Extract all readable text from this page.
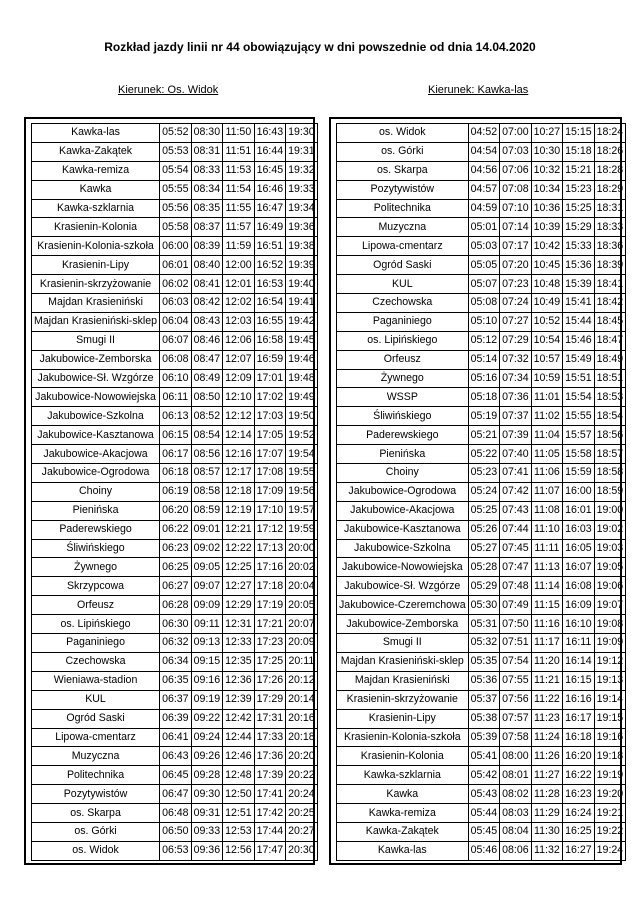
Rozkład jazdy linii nr 44 obowiązujący w dni powszednie od dnia 14.04.2020
Kierunek: Os. Widok	Kierunek: Kawka-las
Kawka-las	05:52	08:30	11:50	16:43	19:30
Kawka-Zakątek	05:53	08:31	11:51	16:44	19:31
Kawka-remiza	05:54	08:33	11:53	16:45	19:32
Kawka	05:55	08:34	11:54	16:46	19:33
Kawka-szklarnia	05:56	08:35	11:55	16:47	19:34
Krasienin-Kolonia	05:58	08:37	11:57	16:49	19:36
Krasienin-Kolonia-szkoła	06:00	08:39	11:59	16:51	19:38
Krasienin-Lipy	06:01	08:40	12:00	16:52	19:39
Krasienin-skrzyżowanie	06:02	08:41	12:01	16:53	19:40
Majdan Krasieniński	06:03	08:42	12:02	16:54	19:41
Majdan Krasieniński-sklep	06:04	08:43	12:03	16:55	19:42
Smugi II	06:07	08:46	12:06	16:58	19:45
Jakubowice-Zemborska	06:08	08:47	12:07	16:59	19:46
Jakubowice-Sł. Wzgórze	06:10	08:49	12:09	17:01	19:48
Jakubowice-Nowowiejska	06:11	08:50	12:10	17:02	19:49
Jakubowice-Szkolna	06:13	08:52	12:12	17:03	19:50
Jakubowice-Kasztanowa	06:15	08:54	12:14	17:05	19:52
Jakubowice-Akacjowa	06:17	08:56	12:16	17:07	19:54
Jakubowice-Ogrodowa	06:18	08:57	12:17	17:08	19:55
Choiny	06:19	08:58	12:18	17:09	19:56
Pienińska	06:20	08:59	12:19	17:10	19:57
Paderewskiego	06:22	09:01	12:21	17:12	19:59
Śliwińskiego	06:23	09:02	12:22	17:13	20:00
Żywnego	06:25	09:05	12:25	17:16	20:02
Skrzypcowa	06:27	09:07	12:27	17:18	20:04
Orfeusz	06:28	09:09	12:29	17:19	20:05
os. Lipińskiego	06:30	09:11	12:31	17:21	20:07
Paganiniego	06:32	09:13	12:33	17:23	20:09
Czechowska	06:34	09:15	12:35	17:25	20:11
Wieniawa-stadion	06:35	09:16	12:36	17:26	20:12
KUL	06:37	09:19	12:39	17:29	20:14
Ogród Saski	06:39	09:22	12:42	17:31	20:16
Lipowa-cmentarz	06:41	09:24	12:44	17:33	20:18
Muzyczna	06:43	09:26	12:46	17:36	20:20
Politechnika	06:45	09:28	12:48	17:39	20:22
Pozytywistów	06:47	09:30	12:50	17:41	20:24
os. Skarpa	06:48	09:31	12:51	17:42	20:25
os. Górki	06:50	09:33	12:53	17:44	20:27
os. Widok	06:53	09:36	12:56	17:47	20:30
os. Widok	04:52	07:00	10:27	15:15	18:24
os. Górki	04:54	07:03	10:30	15:18	18:26
os. Skarpa	04:56	07:06	10:32	15:21	18:28
Pozytywistów	04:57	07:08	10:34	15:23	18:29
Politechnika	04:59	07:10	10:36	15:25	18:31
Muzyczna	05:01	07:14	10:39	15:29	18:33
Lipowa-cmentarz	05:03	07:17	10:42	15:33	18:36
Ogród Saski	05:05	07:20	10:45	15:36	18:39
KUL	05:07	07:23	10:48	15:39	18:41
Czechowska	05:08	07:24	10:49	15:41	18:42
Paganiniego	05:10	07:27	10:52	15:44	18:45
os. Lipińskiego	05:12	07:29	10:54	15:46	18:47
Orfeusz	05:14	07:32	10:57	15:49	18:49
Żywnego	05:16	07:34	10:59	15:51	18:51
WSSP	05:18	07:36	11:01	15:54	18:53
Śliwińskiego	05:19	07:37	11:02	15:55	18:54
Paderewskiego	05:21	07:39	11:04	15:57	18:56
Pienińska	05:22	07:40	11:05	15:58	18:57
Choiny	05:23	07:41	11:06	15:59	18:58
Jakubowice-Ogrodowa	05:24	07:42	11:07	16:00	18:59
Jakubowice-Akacjowa	05:25	07:43	11:08	16:01	19:00
Jakubowice-Kasztanowa	05:26	07:44	11:10	16:03	19:02
Jakubowice-Szkolna	05:27	07:45	11:11	16:05	19:03
Jakubowice-Nowowiejska	05:28	07:47	11:13	16:07	19:05
Jakubowice-Sł. Wzgórze	05:29	07:48	11:14	16:08	19:06
Jakubowice-Czeremchowa	05:30	07:49	11:15	16:09	19:07
Jakubowice-Zemborska	05:31	07:50	11:16	16:10	19:08
Smugi II	05:32	07:51	11:17	16:11	19:09
Majdan Krasieniński-sklep	05:35	07:54	11:20	16:14	19:12
Majdan Krasieniński	05:36	07:55	11:21	16:15	19:13
Krasienin-skrzyżowanie	05:37	07:56	11:22	16:16	19:14
Krasienin-Lipy	05:38	07:57	11:23	16:17	19:15
Krasienin-Kolonia-szkoła	05:39	07:58	11:24	16:18	19:16
Krasienin-Kolonia	05:41	08:00	11:26	16:20	19:18
Kawka-szklarnia	05:42	08:01	11:27	16:22	19:19
Kawka	05:43	08:02	11:28	16:23	19:20
Kawka-remiza	05:44	08:03	11:29	16:24	19:21
Kawka-Zakątek	05:45	08:04	11:30	16:25	19:22
Kawka-las	05:46	08:06	11:32	16:27	19:24
